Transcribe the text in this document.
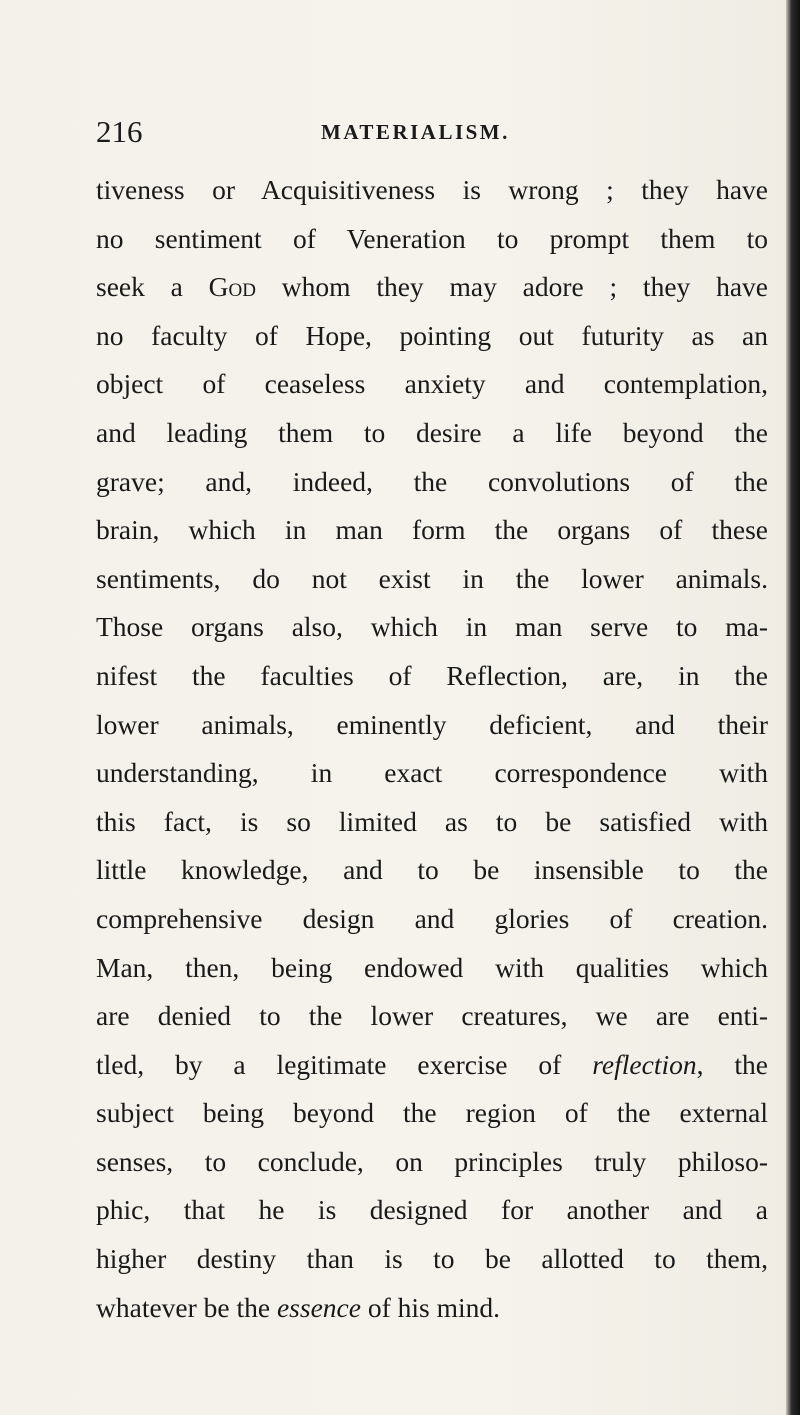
216	MATERIALISM.
tiveness or Acquisitiveness is wrong ; they have
no sentiment of Veneration to prompt them to
seek a God whom they may adore ; they have
no faculty of Hope, pointing out futurity as an
object of ceaseless anxiety and contemplation,
and leading them to desire a life beyond the
grave; and, indeed, the convolutions of the
brain, which in man form the organs of these
sentiments, do not exist in the lower animals.
Those organs also, which in man serve to ma-
nifest the faculties of Reflection, are, in the
lower animals, eminently deficient, and their
understanding, in exact correspondence with
this fact, is so limited as to be satisfied with
little knowledge, and to be insensible to the
comprehensive design and glories of creation.
Man, then, being endowed with qualities which
are denied to the lower creatures, we are enti-
tled, by a legitimate exercise of reflection, the
subject being beyond the region of the external
senses, to conclude, on principles truly philoso-
phic, that he is designed for another and a
higher destiny than is to be allotted to them,
whatever be the essence of his mind.
